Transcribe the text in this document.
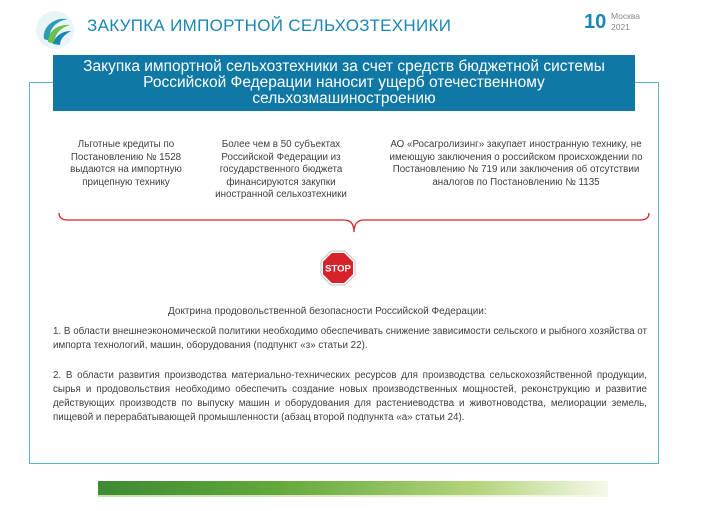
ЗАКУПКА ИМПОРТНОЙ СЕЛЬХОЗТЕХНИКИ	10 Москва
2021
Закупка импортной сельхозтехники за счет средств бюджетной системы Российской Федерации наносит ущерб отечественному сельхозмашиностроению
Льготные кредиты по Постановлению № 1528 выдаются на импортную прицепную технику
Более чем в 50 субъектах Российской Федерации из государственного бюджета финансируются закупки иностранной сельхозтехники
АО «Росагролизинг» закупает иностранную технику, не имеющую заключения о российском происхождении по Постановлению № 719 или заключения об отсутствии аналогов по Постановлению № 1135
STOP
Доктрина продовольственной безопасности Российской Федерации:
1. В области внешнеэкономической политики необходимо обеспечивать снижение зависимости сельского и рыбного хозяйства от импорта технологий, машин, оборудования (подпункт «з» статьи 22).
2. В области развития производства материально-технических ресурсов для производства сельскохозяйственной продукции, сырья и продовольствия необходимо обеспечить создание новых производственных мощностей, реконструкцию и развитие действующих производств по выпуску машин и оборудования для растениеводства и животноводства, мелиорации земель, пищевой и перерабатывающей промышленности (абзац второй подпункта «а» статьи 24).
